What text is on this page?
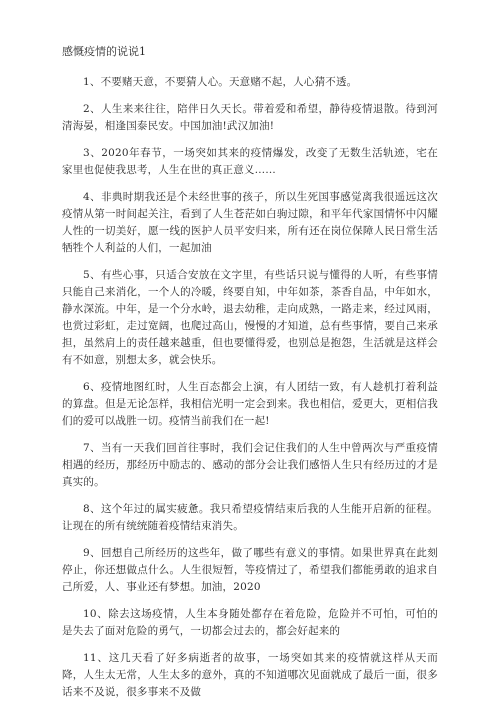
感慨疫情的说说1

1、不要赌天意，不要猜人心。天意赌不起，人心猜不透。

2、人生来来往往，陪伴日久天长。带着爱和希望，静待疫情退散。待到河清海晏，相逢国泰民安。中国加油!武汉加油!

3、2020年春节，一场突如其来的疫情爆发，改变了无数生活轨迹，宅在家里也促使我思考，人生在世的真正意义……

4、非典时期我还是个未经世事的孩子，所以生死国事感觉离我很遥远这次疫情从第一时间起关注，看到了人生苍茫如白驹过隙，和平年代家国情怀中闪耀人性的一切美好，愿一线的医护人员平安归来，所有还在岗位保障人民日常生活牺牲个人利益的人们，一起加油

5、有些心事，只适合安放在文字里，有些话只说与懂得的人听，有些事情只能自己来消化，一个人的冷暖，终要自知，中年如茶，茶香自品，中年如水，静水深流。中年，是一个分水岭，退去幼稚，走向成熟，一路走来，经过风雨，也赏过彩虹，走过宽阔，也爬过高山，慢慢的才知道，总有些事情，要自己来承担，虽然肩上的责任越来越重，但也要懂得爱，也别总是抱怨，生活就是这样会有不如意，别想太多，就会快乐。

6、疫情地图红时，人生百态都会上演，有人团结一致，有人趁机打着利益的算盘。但是无论怎样，我相信光明一定会到来。我也相信，爱更大，更相信我们的爱可以战胜一切。疫情当前我们在一起!

7、当有一天我们回首往事时，我们会记住我们的人生中曾两次与严重疫情相遇的经历，那经历中励志的、感动的部分会让我们感悟人生只有经历过的才是真实的。

8、这个年过的属实疲惫。我只希望疫情结束后我的人生能开启新的征程。让现在的所有统统随着疫情结束消失。

9、回想自己所经历的这些年，做了哪些有意义的事情。如果世界真在此刻停止，你还想做点什么。人生很短暂，等疫情过了，希望我们都能勇敢的追求自己所爱，人、事业还有梦想。加油，2020

10、除去这场疫情，人生本身随处都存在着危险，危险并不可怕，可怕的是失去了面对危险的勇气，一切都会过去的，都会好起来的

11、这几天看了好多病逝者的故事，一场突如其来的疫情就这样从天而降，人生太无常，人生太多的意外，真的不知道哪次见面就成了最后一面，很多话来不及说，很多事来不及做
